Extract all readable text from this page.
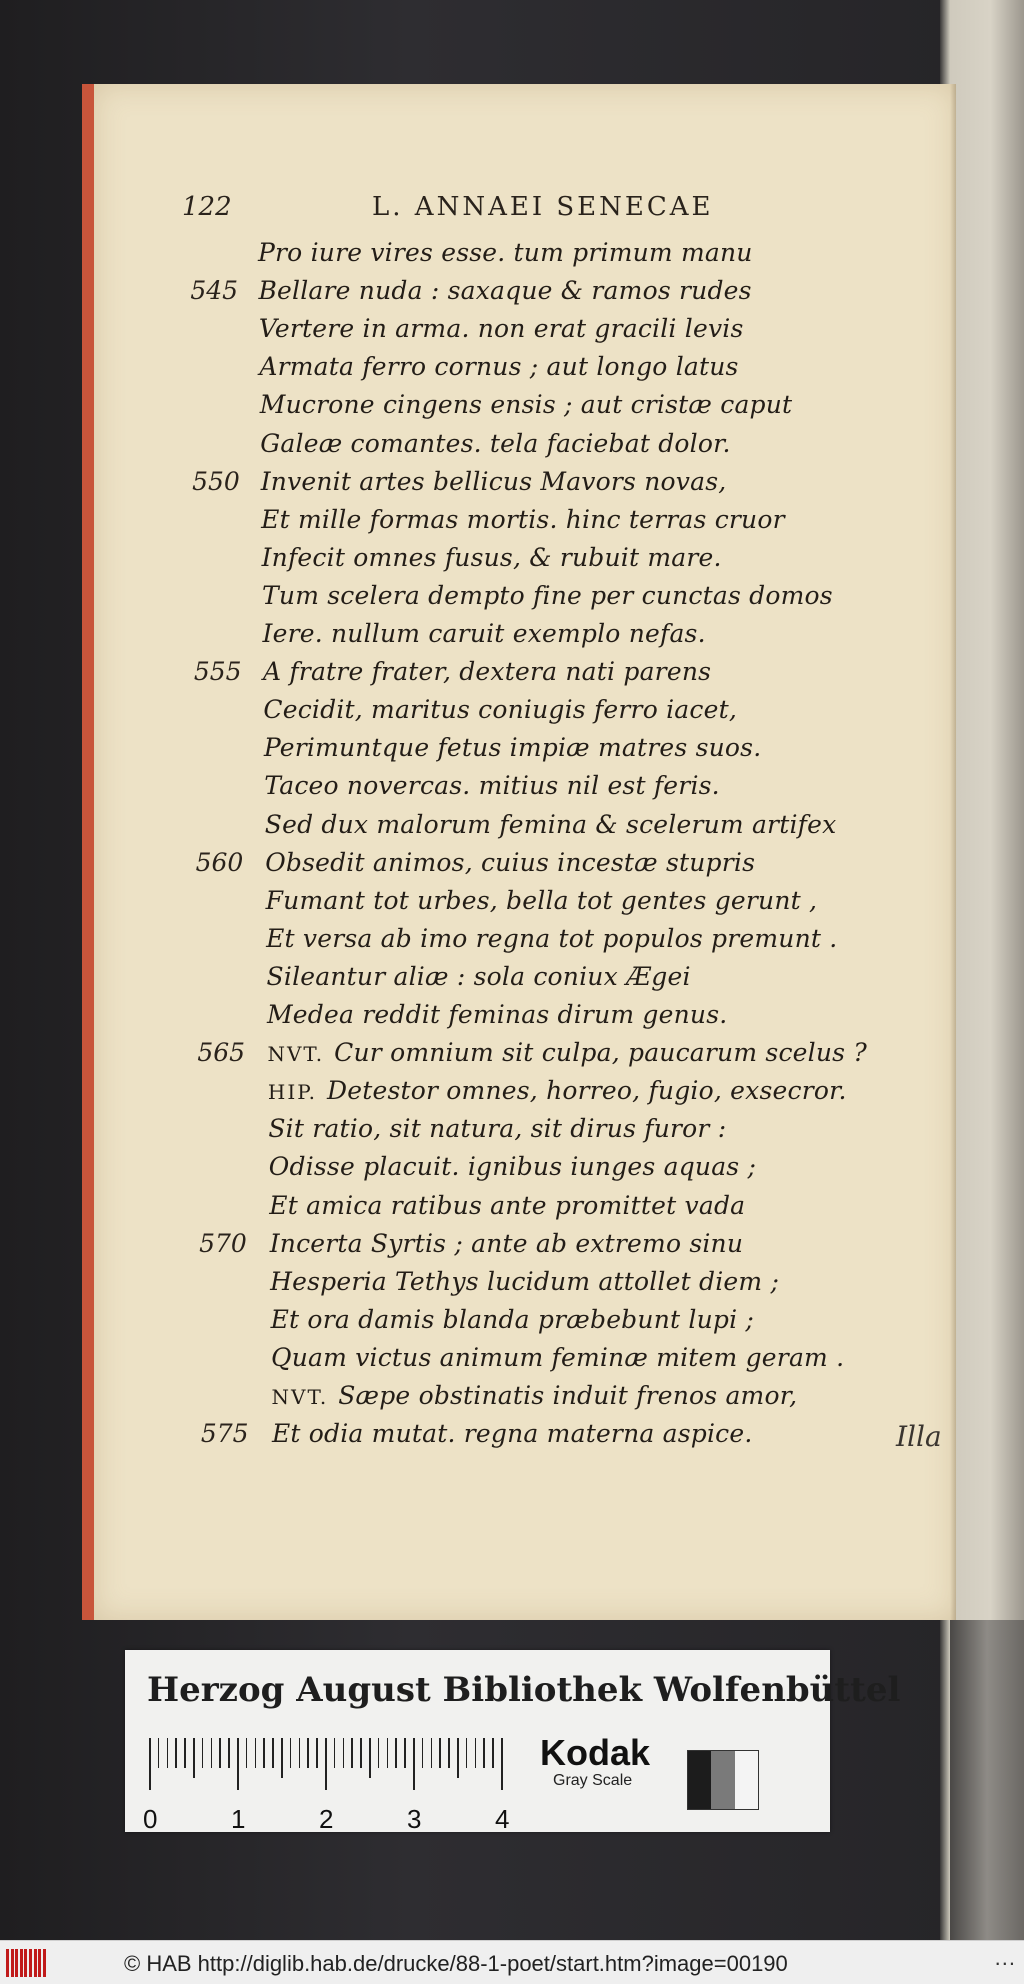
122	L. ANNAEI SENECAE
Pro iure vires esse. tum primum manu
545 Bellare nuda : saxaque & ramos rudes
Vertere in arma. non erat gracili levis
Armata ferro cornus ; aut longo latus
Mucrone cingens ensis ; aut cristæ caput
Galeæ comantes. tela faciebat dolor.
550 Invenit artes bellicus Mavors novas,
Et mille formas mortis. hinc terras cruor
Infecit omnes fusus, & rubuit mare.
Tum scelera dempto fine per cunctas domos
Iere. nullum caruit exemplo nefas.
555 A fratre frater, dextera nati parens
Cecidit, maritus coniugis ferro iacet,
Perimuntque fetus impiæ matres suos.
Taceo novercas. mitius nil est feris.
Sed dux malorum femina & scelerum artifex
560 Obsedit animos, cuius incestæ stupris
Fumant tot urbes, bella tot gentes gerunt ,
Et versa ab imo regna tot populos premunt .
Sileantur aliæ : sola coniux Ægei
Medea reddit feminas dirum genus.
565 NVT. Cur omnium sit culpa, paucarum scelus ?
HIP. Detestor omnes, horreo, fugio, exsecror.
Sit ratio, sit natura, sit dirus furor :
Odisse placuit. ignibus iunges aquas ;
Et amica ratibus ante promittet vada
570 Incerta Syrtis ; ante ab extremo sinu
Hesperia Tethys lucidum attollet diem ;
Et ora damis blanda præbebunt lupi ;
Quam victus animum feminæ mitem geram .
NVT. Sæpe obstinatis induit frenos amor,
575 Et odia mutat. regna materna aspice.	Illa
Herzog August Bibliothek Wolfenbüttel
0	1	2	3	4
Kodak
Gray Scale
© HAB http://diglib.hab.de/drucke/88-1-poet/start.htm?image=00190	...
